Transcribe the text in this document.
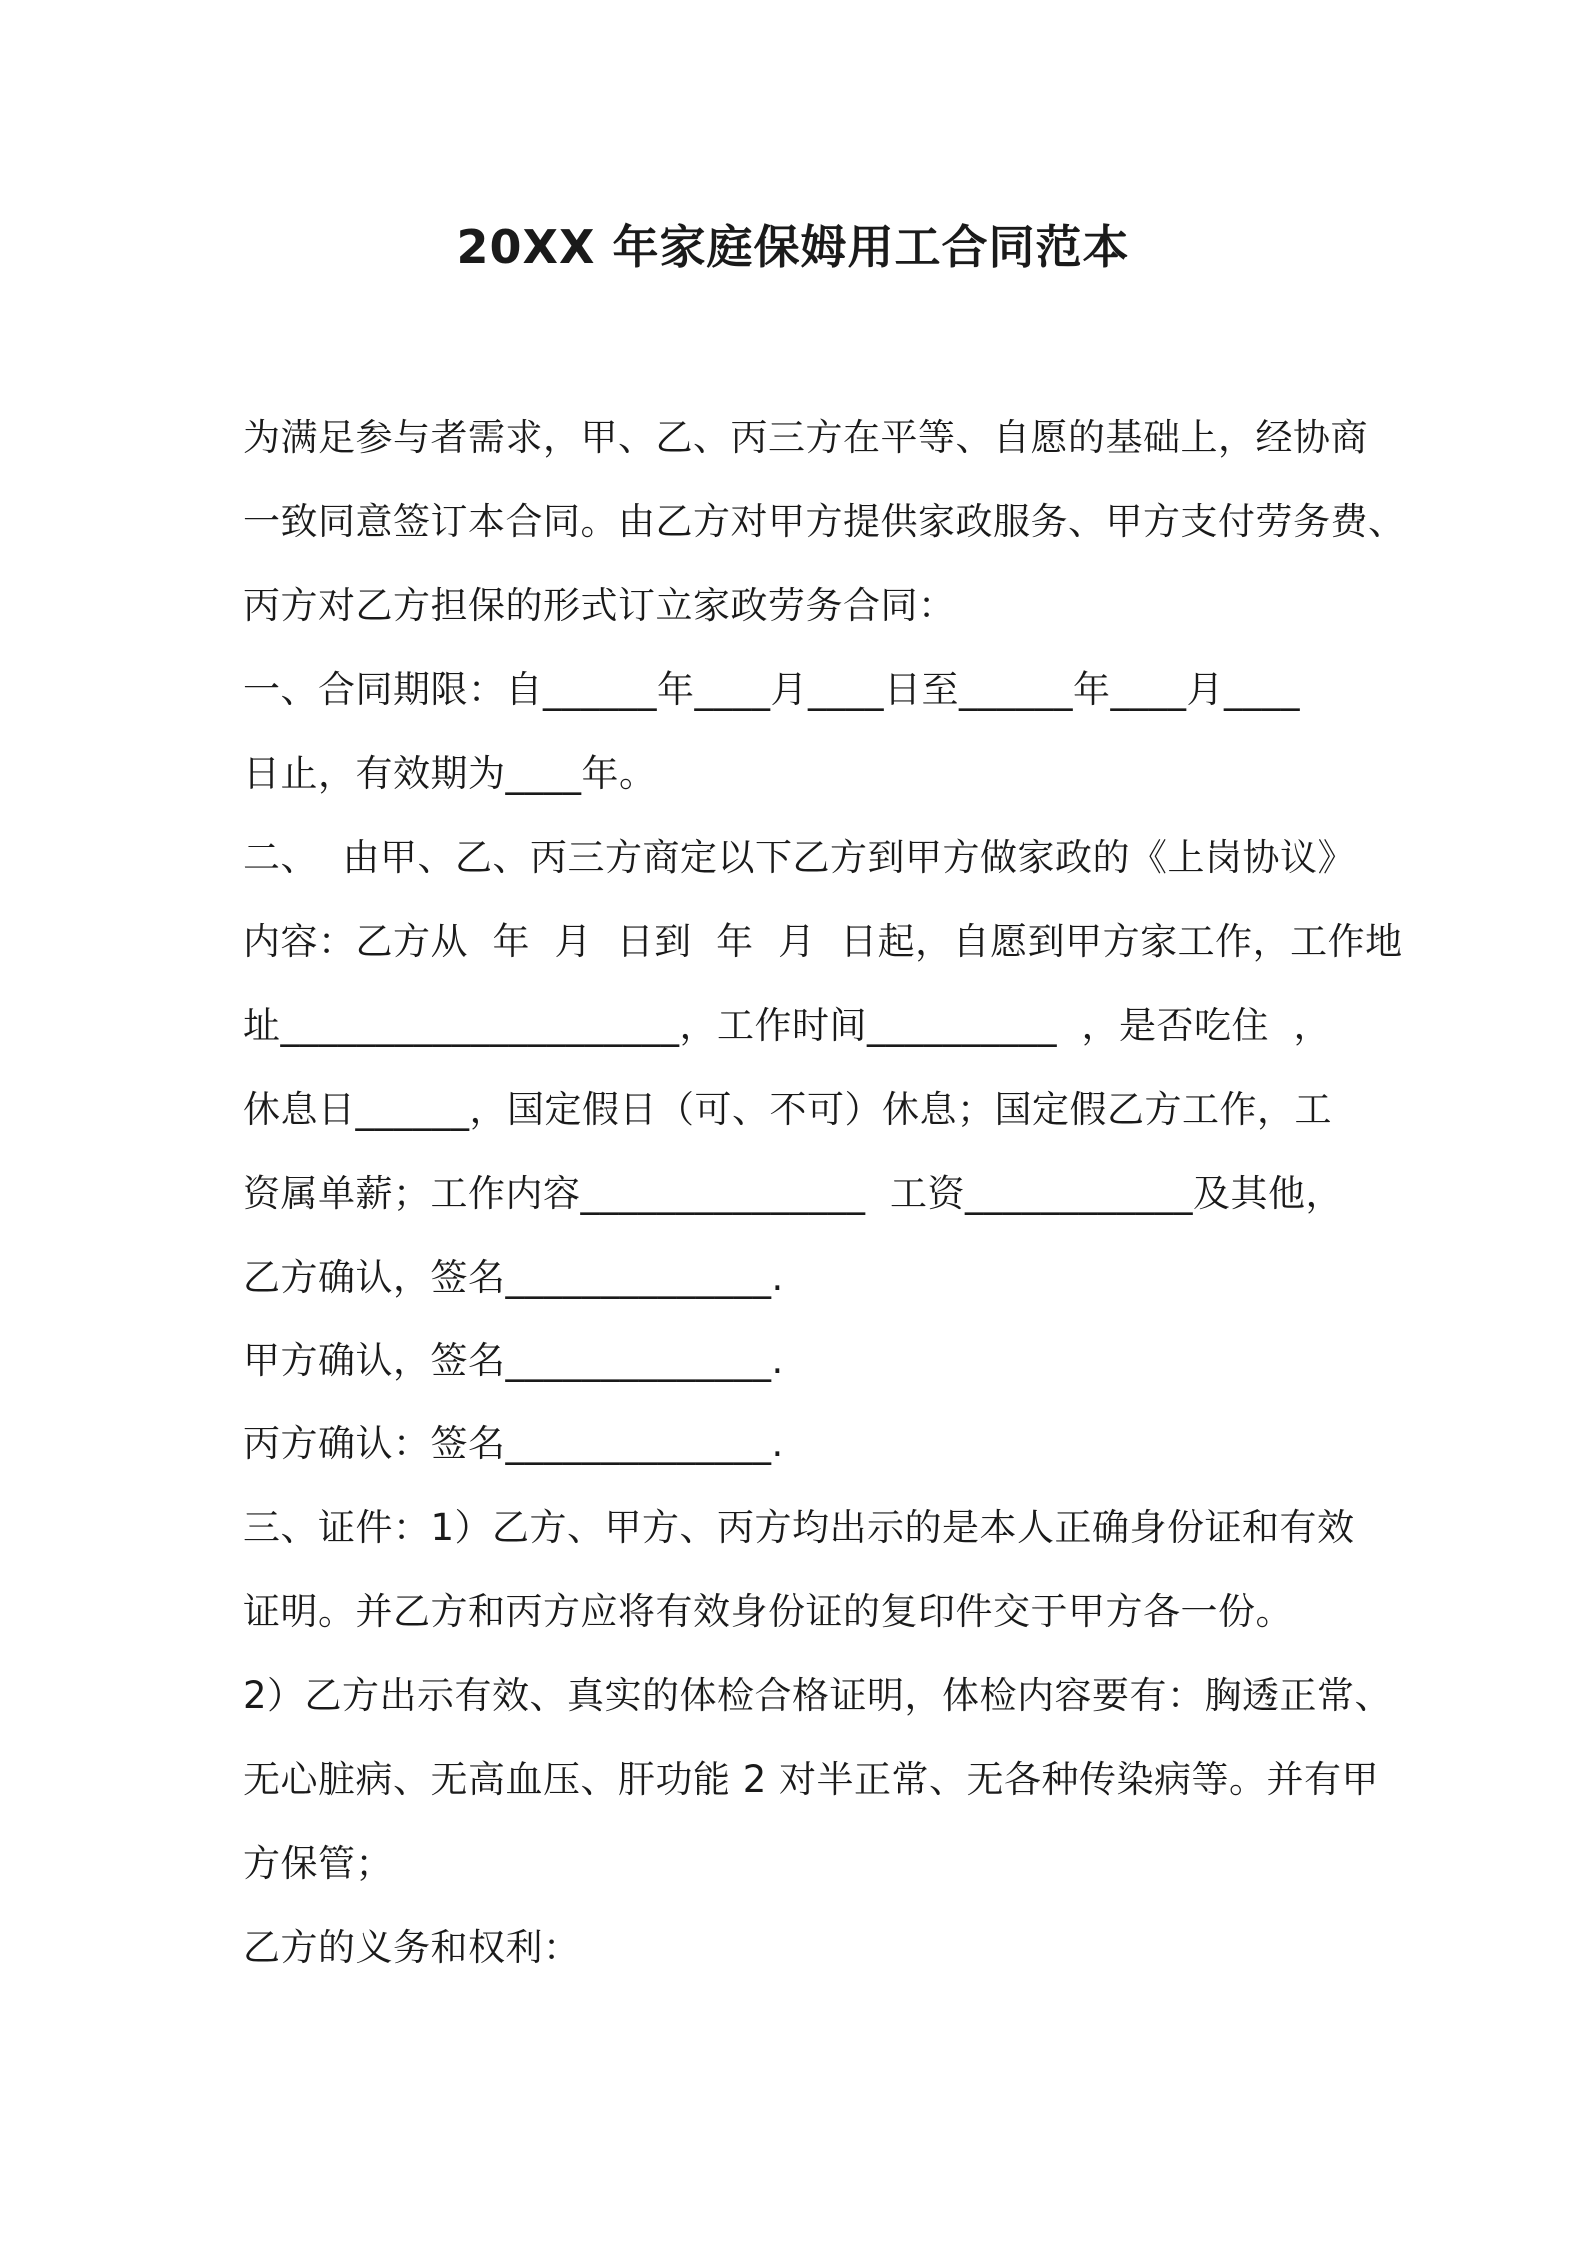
20XX 年家庭保姆用工合同范本
为满足参与者需求，甲、乙、丙三方在平等、自愿的基础上，经协商
一致同意签订本合同。由乙方对甲方提供家政服务、甲方支付劳务费、
丙方对乙方担保的形式订立家政劳务合同：
一、合同期限：自______年____月____日至______年____月____
日止，有效期为____年。
二、  由甲、乙、丙三方商定以下乙方到甲方做家政的《上岗协议》
内容：乙方从  年  月  日到  年  月  日起，自愿到甲方家工作，工作地
址_____________________，工作时间__________  ，是否吃住  ，
休息日______，国定假日（可、不可）休息；国定假乙方工作，工
资属单薪；工作内容_______________  工资____________及其他，
乙方确认，签名______________.
甲方确认，签名______________.
丙方确认：签名______________.
三、证件：1）乙方、甲方、丙方均出示的是本人正确身份证和有效
证明。并乙方和丙方应将有效身份证的复印件交于甲方各一份。
2）乙方出示有效、真实的体检合格证明，体检内容要有：胸透正常、
无心脏病、无高血压、肝功能 2 对半正常、无各种传染病等。并有甲
方保管；
乙方的义务和权利：
